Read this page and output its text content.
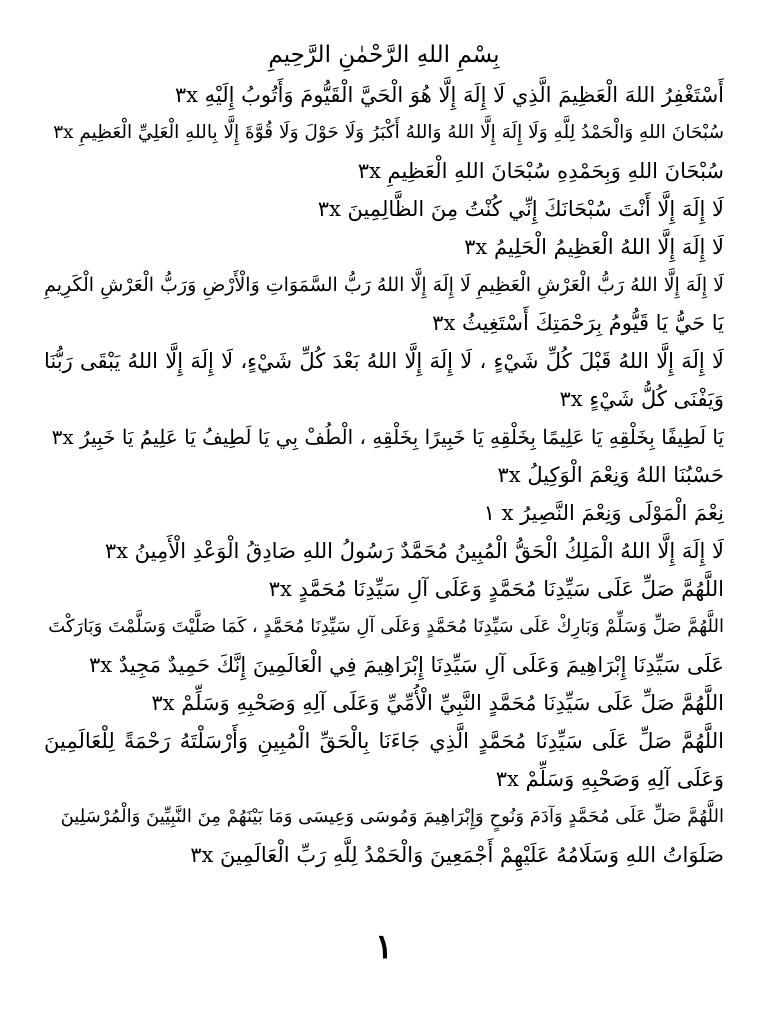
بِسْمِ اللهِ الرَّحْمٰنِ الرَّحِيمِ
أَسْتَغْفِرُ اللهَ الْعَظِيمَ الَّذِي لَا إِلَهَ إِلَّا هُوَ الْحَيَّ الْقَيُّومَ وَأَتُوبُ إِلَيْهِ ٣x
سُبْحَانَ اللهِ وَالْحَمْدُ لِلَّهِ وَلَا إِلَهَ إِلَّا اللهُ وَاللهُ أَكْبَرُ وَلَا حَوْلَ وَلَا قُوَّةَ إِلَّا بِاللهِ الْعَلِيِّ الْعَظِيمِ ٣x
سُبْحَانَ اللهِ وَبِحَمْدِهِ سُبْحَانَ اللهِ الْعَظِيمِ ٣x
لَا إِلَهَ إِلَّا أَنْتَ سُبْحَانَكَ إِنِّي كُنْتُ مِنَ الظَّالِمِينَ ٣x
لَا إِلَهَ إِلَّا اللهُ الْعَظِيمُ الْحَلِيمُ ٣x
لَا إِلَهَ إِلَّا اللهُ رَبُّ الْعَرْشِ الْعَظِيمِ لَا إِلَهَ إِلَّا اللهُ رَبُّ السَّمَوَاتِ وَالْأَرْضِ وَرَبُّ الْعَرْشِ الْكَرِيمِ
يَا حَيُّ يَا قَيُّومُ بِرَحْمَتِكَ أَسْتَغِيثُ ٣x
لَا إِلَهَ إِلَّا اللهُ قَبْلَ كُلِّ شَيْءٍ ، لَا إِلَهَ إِلَّا اللهُ بَعْدَ كُلِّ شَيْءٍ، لَا إِلَهَ إِلَّا اللهُ يَبْقَى رَبُّنَا وَيَفْنَى كُلُّ شَيْءٍ ٣x
يَا لَطِيفًا بِخَلْقِهِ يَا عَلِيمًا بِخَلْقِهِ يَا خَبِيرًا بِخَلْقِهِ ، الْطُفْ بِي يَا لَطِيفُ يَا عَلِيمُ يَا خَبِيرُ ٣x
حَسْبُنَا اللهُ وَنِعْمَ الْوَكِيلُ ٣x
نِعْمَ الْمَوْلَى وَنِعْمَ النَّصِيرُ x ١
لَا إِلَهَ إِلَّا اللهُ الْمَلِكُ الْحَقُّ الْمُبِينُ مُحَمَّدٌ رَسُولُ اللهِ صَادِقُ الْوَعْدِ الْأَمِينُ ٣x
اللَّهُمَّ صَلِّ عَلَى سَيِّدِنَا مُحَمَّدٍ وَعَلَى آلِ سَيِّدِنَا مُحَمَّدٍ ٣x
اللَّهُمَّ صَلِّ وَسَلِّمْ وَبَارِكْ عَلَى سَيِّدِنَا مُحَمَّدٍ وَعَلَى آلِ سَيِّدِنَا مُحَمَّدٍ ، كَمَا صَلَّيْتَ وَسَلَّمْتَ وَبَارَكْتَ
عَلَى سَيِّدِنَا إِبْرَاهِيمَ وَعَلَى آلِ سَيِّدِنَا إِبْرَاهِيمَ فِي الْعَالَمِينَ إِنَّكَ حَمِيدٌ مَجِيدٌ ٣x
اللَّهُمَّ صَلِّ عَلَى سَيِّدِنَا مُحَمَّدٍ النَّبِيِّ الْأُمِّيِّ وَعَلَى آلِهِ وَصَحْبِهِ وَسَلِّمْ ٣x
اللَّهُمَّ صَلِّ عَلَى سَيِّدِنَا مُحَمَّدٍ الَّذِي جَاءَنَا بِالْحَقِّ الْمُبِينِ وَأَرْسَلْتَهُ رَحْمَةً لِلْعَالَمِينَ وَعَلَى آلِهِ وَصَحْبِهِ وَسَلِّمْ ٣x
اللَّهُمَّ صَلِّ عَلَى مُحَمَّدٍ وَآدَمَ وَنُوحٍ وَإِبْرَاهِيمَ وَمُوسَى وَعِيسَى وَمَا بَيْنَهُمْ مِنَ النَّبِيِّينَ وَالْمُرْسَلِينَ
صَلَوَاتُ اللهِ وَسَلَامُهُ عَلَيْهِمْ أَجْمَعِينَ وَالْحَمْدُ لِلَّهِ رَبِّ الْعَالَمِينَ ٣x
١
